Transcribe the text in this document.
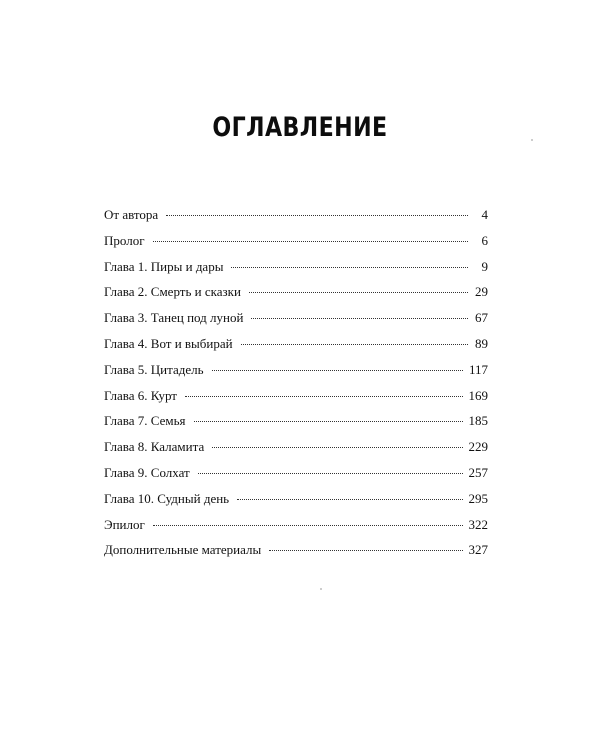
ОГЛАВЛЕНИЕ
От автора	4
Пролог	6
Глава 1. Пиры и дары	9
Глава 2. Смерть и сказки	29
Глава 3. Танец под луной	67
Глава 4. Вот и выбирай	89
Глава 5. Цитадель	117
Глава 6. Курт	169
Глава 7. Семья	185
Глава 8. Каламита	229
Глава 9. Солхат	257
Глава 10. Судный день	295
Эпилог	322
Дополнительные материалы	327
